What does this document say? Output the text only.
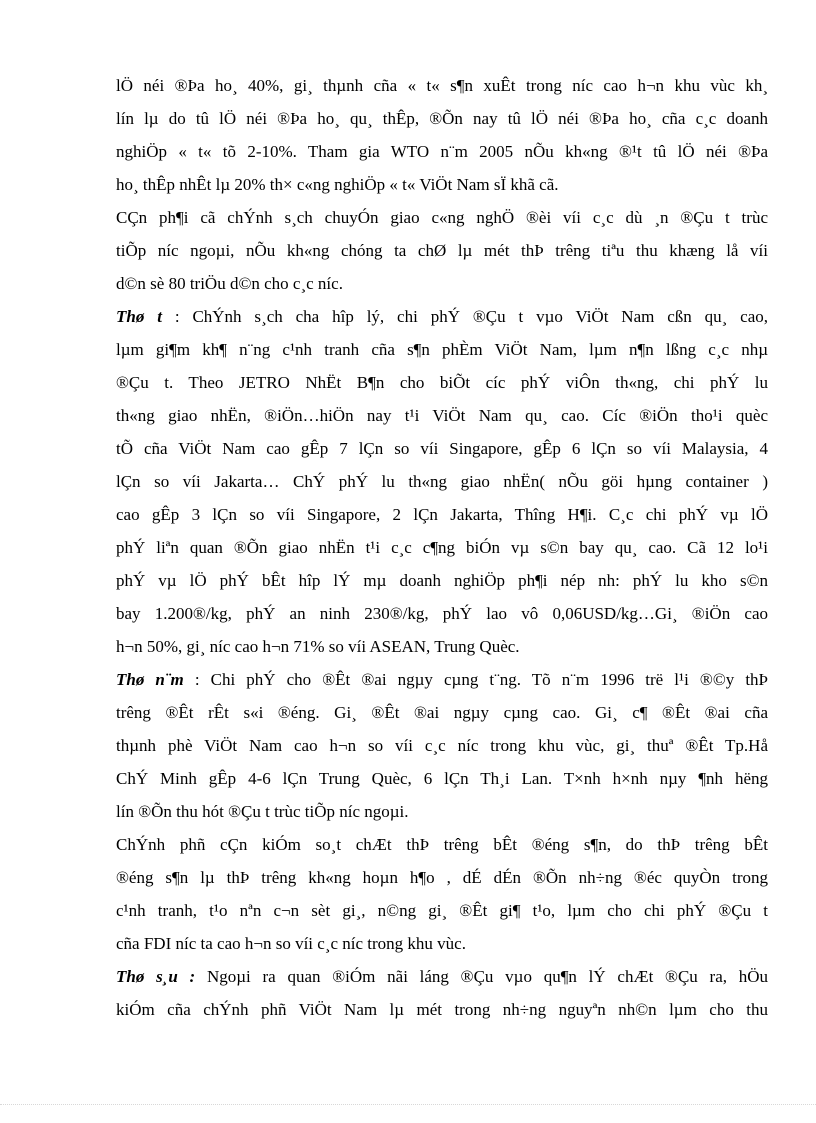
lÖ néi ®Þa ho¸ 40%, gi¸ thµnh cña « t« s¶n xuÊt trong níc cao h¬n khu vùc kh¸
lín lµ do tû lÖ néi ®Þa ho¸ qu¸ thÊp, ®Õn nay tû lÖ néi ®Þa ho¸ cña c¸c doanh
nghiÖp « t« tõ 2-10%. Tham gia WTO n¨m 2005 nÕu kh«ng ®¹t tû lÖ néi ®Þa
ho¸ thÊp nhÊt lµ 20% th× c«ng nghiÖp « t« ViÖt Nam sÏ khã cã.
CÇn ph¶i cã chÝnh s¸ch chuyÓn giao c«ng nghÖ ®èi víi c¸c dù ¸n ®Çu t trùc
tiÕp níc ngoµi, nÕu kh«ng chóng ta chØ lµ mét thÞ trêng tiªu thu khæng lå víi
d©n sè 80 triÖu d©n cho c¸c níc.
Thø t : ChÝnh s¸ch cha hîp lý, chi phÝ ®Çu t vµo ViÖt Nam cßn qu¸ cao,
lµm gi¶m kh¶ n¨ng c¹nh tranh cña s¶n phÈm ViÖt Nam, lµm n¶n lßng c¸c nhµ
®Çu t. Theo JETRO NhËt B¶n cho biÕt cíc phÝ viÔn th«ng, chi phÝ lu
th«ng giao nhËn, ®iÖn…hiÖn nay t¹i ViÖt Nam qu¸ cao. Cíc ®iÖn tho¹i quèc
tÕ cña ViÖt Nam cao gÊp 7 lÇn so víi Singapore, gÊp 6 lÇn so víi Malaysia, 4
lÇn so víi Jakarta… ChÝ phÝ lu th«ng giao nhËn( nÕu göi hµng container )
cao gÊp 3 lÇn so víi Singapore, 2 lÇn Jakarta, Thîng H¶i. C¸c chi phÝ vµ lÖ
phÝ liªn quan ®Õn giao nhËn t¹i c¸c c¶ng biÓn vµ s©n bay qu¸ cao. Cã 12 lo¹i
phÝ vµ lÖ phÝ bÊt hîp lÝ mµ doanh nghiÖp ph¶i nép nh: phÝ lu kho s©n
bay 1.200®/kg, phÝ an ninh 230®/kg, phÝ lao vô 0,06USD/kg…Gi¸ ®iÖn cao
h¬n 50%, gi¸ níc cao h¬n 71% so víi ASEAN, Trung Quèc.
Thø n¨m : Chi phÝ cho ®Êt ®ai ngµy cµng t¨ng. Tõ n¨m 1996 trë l¹i ®©y thÞ
trêng ®Êt rÊt s«i ®éng. Gi¸ ®Êt ®ai ngµy cµng cao. Gi¸ c¶ ®Êt ®ai cña
thµnh phè ViÖt Nam cao h¬n so víi c¸c níc trong khu vùc, gi¸ thuª ®Êt Tp.Hå
ChÝ Minh gÊp 4-6 lÇn Trung Quèc, 6 lÇn Th¸i Lan. T×nh h×nh nµy ¶nh hëng
lín ®Õn thu hót ®Çu t trùc tiÕp níc ngoµi.
ChÝnh phñ cÇn kiÓm so¸t chÆt thÞ trêng bÊt ®éng s¶n, do thÞ trêng bÊt
®éng s¶n lµ thÞ trêng kh«ng hoµn h¶o , dÉ dÉn ®Õn nh÷ng ®éc quyÒn trong
c¹nh tranh, t¹o nªn c¬n sèt gi¸, n©ng gi¸ ®Êt gi¶ t¹o, lµm cho chi phÝ ®Çu t
cña FDI níc ta cao h¬n so víi c¸c níc trong khu vùc.
Thø s¸u : Ngoµi ra quan ®iÓm nãi láng ®Çu vµo qu¶n lÝ chÆt ®Çu ra, hÖu
kiÓm cña chÝnh phñ ViÖt Nam lµ mét trong nh÷ng nguyªn nh©n lµm cho thu
